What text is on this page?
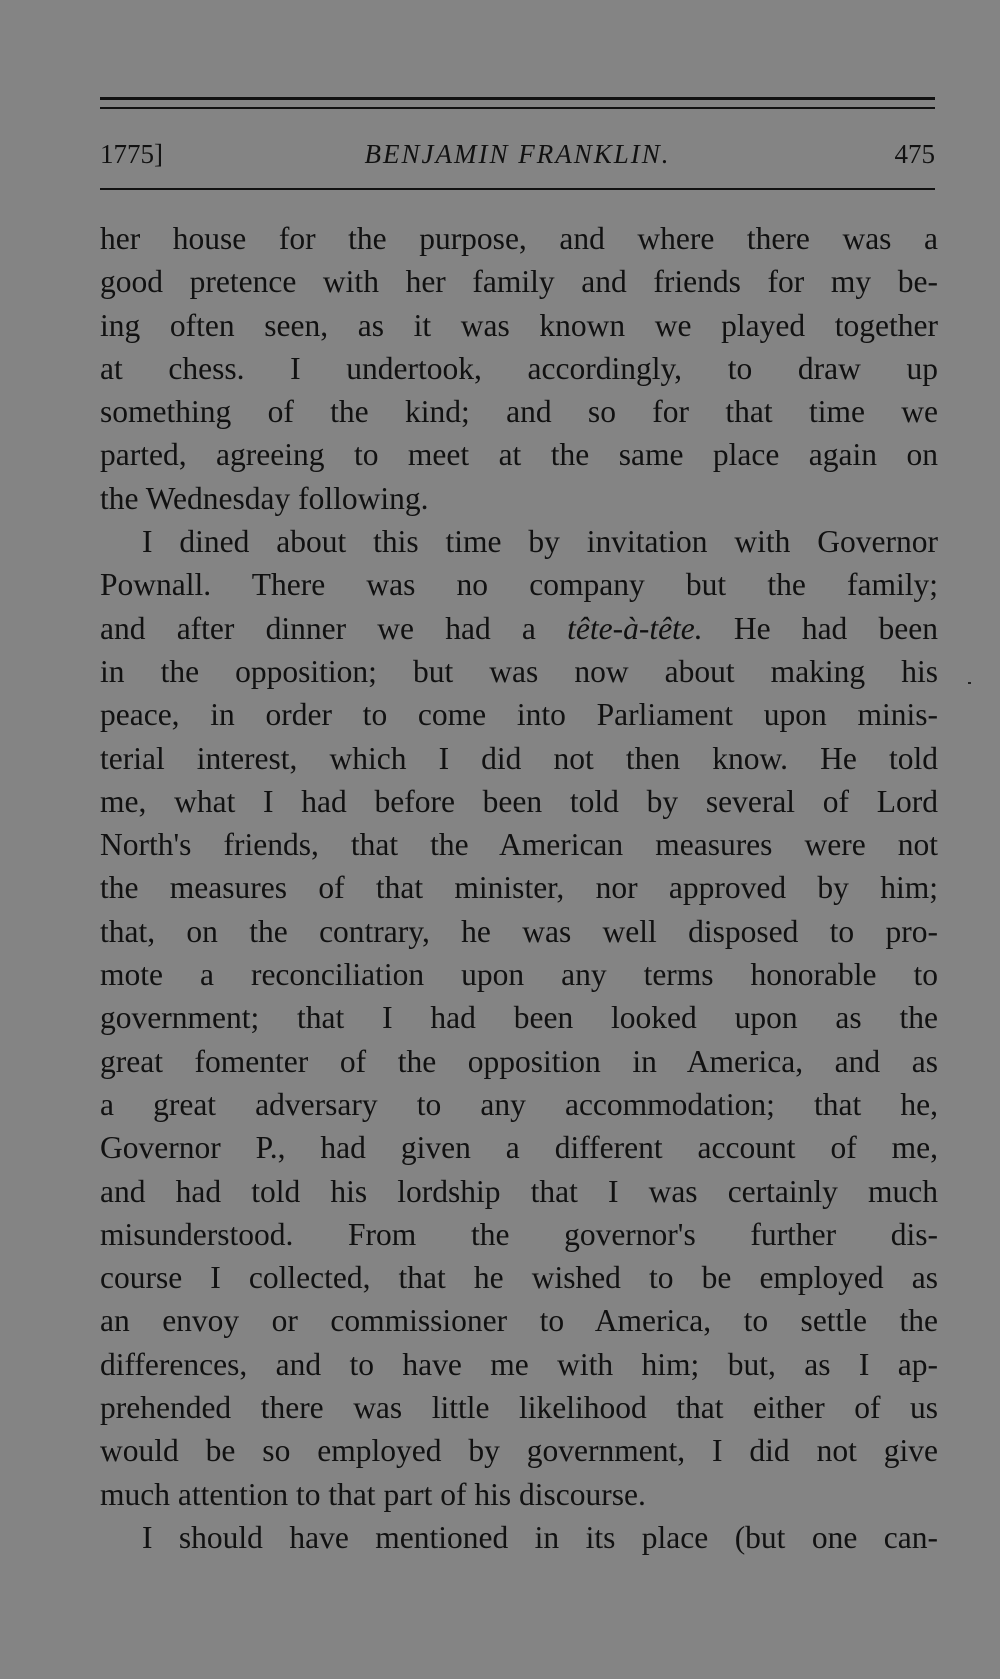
1775]	BENJAMIN FRANKLIN.	475
her house for the purpose, and where there was a
good pretence with her family and friends for my be-
ing often seen, as it was known we played together
at chess. I undertook, accordingly, to draw up
something of the kind; and so for that time we
parted, agreeing to meet at the same place again on
the Wednesday following.
I dined about this time by invitation with Governor
Pownall. There was no company but the family;
and after dinner we had a tête-à-tête. He had been
in the opposition; but was now about making his
peace, in order to come into Parliament upon minis-
terial interest, which I did not then know. He told
me, what I had before been told by several of Lord
North's friends, that the American measures were not
the measures of that minister, nor approved by him;
that, on the contrary, he was well disposed to pro-
mote a reconciliation upon any terms honorable to
government; that I had been looked upon as the
great fomenter of the opposition in America, and as
a great adversary to any accommodation; that he,
Governor P., had given a different account of me,
and had told his lordship that I was certainly much
misunderstood. From the governor's further dis-
course I collected, that he wished to be employed as
an envoy or commissioner to America, to settle the
differences, and to have me with him; but, as I ap-
prehended there was little likelihood that either of us
would be so employed by government, I did not give
much attention to that part of his discourse.
I should have mentioned in its place (but one can-
